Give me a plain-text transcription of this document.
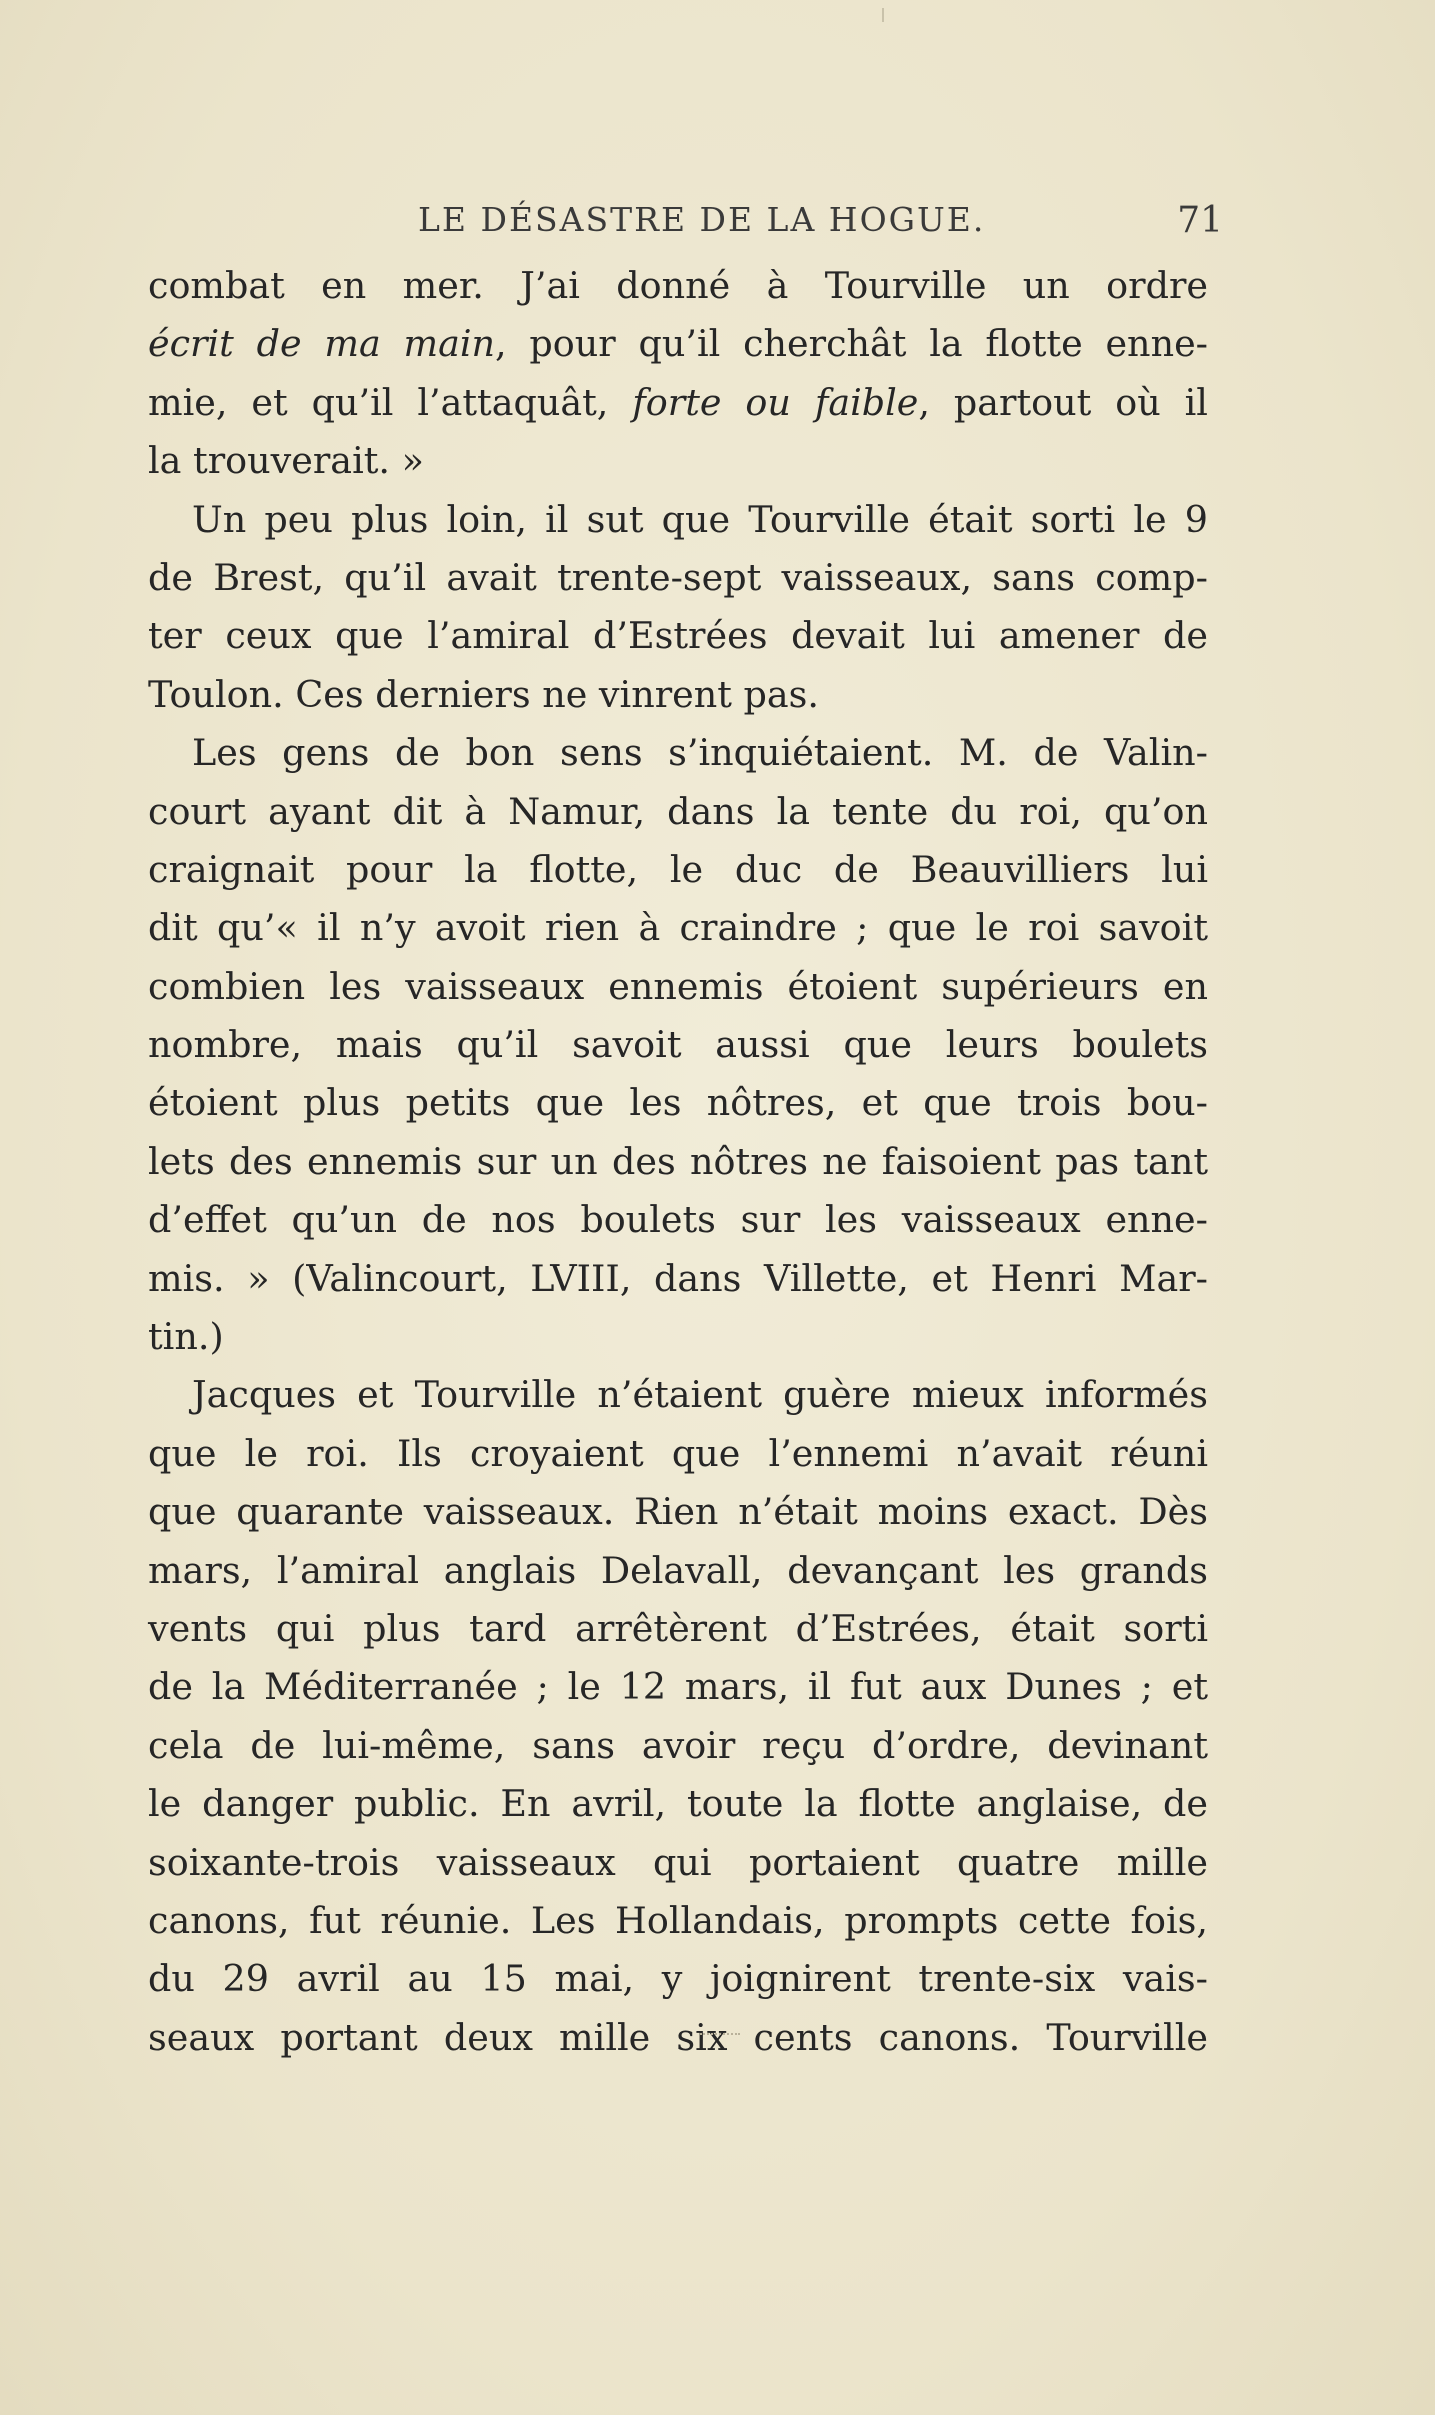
LE DÉSASTRE DE LA HOGUE.	71
combat en mer. J’ai donné à Tourville un ordre
écrit de ma main, pour qu’il cherchât la flotte enne-
mie, et qu’il l’attaquât, forte ou faible, partout où il
la trouverait. »
Un peu plus loin, il sut que Tourville était sorti le 9
de Brest, qu’il avait trente-sept vaisseaux, sans comp-
ter ceux que l’amiral d’Estrées devait lui amener de
Toulon. Ces derniers ne vinrent pas.
Les gens de bon sens s’inquiétaient. M. de Valin-
court ayant dit à Namur, dans la tente du roi, qu’on
craignait pour la flotte, le duc de Beauvilliers lui
dit qu’« il n’y avoit rien à craindre ; que le roi savoit
combien les vaisseaux ennemis étoient supérieurs en
nombre, mais qu’il savoit aussi que leurs boulets
étoient plus petits que les nôtres, et que trois bou-
lets des ennemis sur un des nôtres ne faisoient pas tant
d’effet qu’un de nos boulets sur les vaisseaux enne-
mis. » (Valincourt, LVIII, dans Villette, et Henri Mar-
tin.)
Jacques et Tourville n’étaient guère mieux informés
que le roi. Ils croyaient que l’ennemi n’avait réuni
que quarante vaisseaux. Rien n’était moins exact. Dès
mars, l’amiral anglais Delavall, devançant les grands
vents qui plus tard arrêtèrent d’Estrées, était sorti
de la Méditerranée ; le 12 mars, il fut aux Dunes ; et
cela de lui-même, sans avoir reçu d’ordre, devinant
le danger public. En avril, toute la flotte anglaise, de
soixante-trois vaisseaux qui portaient quatre mille
canons, fut réunie. Les Hollandais, prompts cette fois,
du 29 avril au 15 mai, y joignirent trente-six vais-
seaux portant deux mille six cents canons. Tourville
